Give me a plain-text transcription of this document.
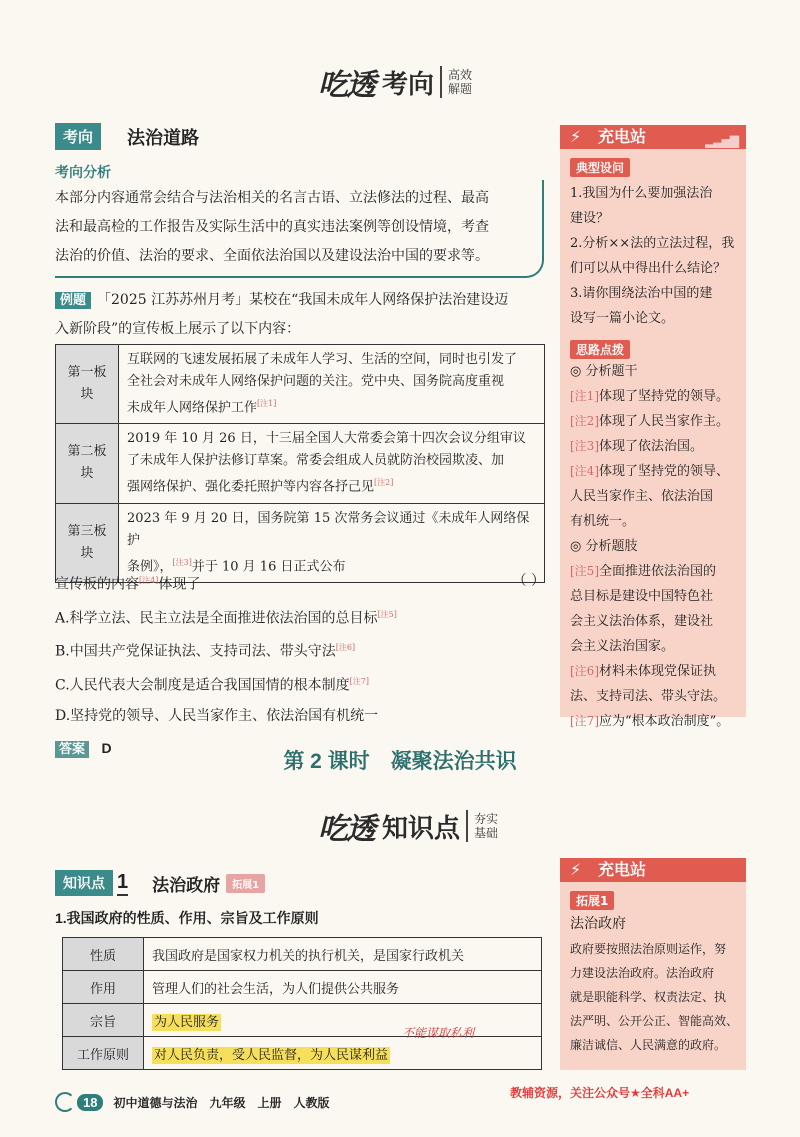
吃透 考向 高效解题
考向	法治道路
考向分析
本部分内容通常会结合与法治相关的名言古语、立法修法的过程、最高
法和最高检的工作报告及实际生活中的真实违法案例等创设情境，考查
法治的价值、法治的要求、全面依法治国以及建设法治中国的要求等。
例题 「2025 江苏苏州月考」某校在“我国未成年人网络保护法治建设迈
入新阶段”的宣传板上展示了以下内容：
第一板块	互联网的飞速发展拓展了未成年人学习、生活的空间，同时也引发了
全社会对未成年人网络保护问题的关注。党中央、国务院高度重视
未成年人网络保护工作[注1]

第二板块	2019 年 10 月 26 日，十三届全国人大常委会第十四次会议分组审议
了未成年人保护法修订草案。常委会组成人员就防治校园欺凌、加
强网络保护、强化委托照护等内容各抒己见[注2]

第三板块	2023 年 9 月 20 日，国务院第 15 次常务会议通过《未成年人网络保护
条例》，[注3]并于 10 月 16 日正式公布
宣传板的内容[注4]体现了	（ ）
A.科学立法、民主立法是全面推进依法治国的总目标[注5]
B.中国共产党保证执法、支持司法、带头守法[注6]
C.人民代表大会制度是适合我国国情的根本制度[注7]
D.坚持党的领导、人民当家作主、依法治国有机统一
答案 D
第 2 课时　凝聚法治共识
吃透 知识点 夯实基础
知识点 1 法治政府	拓展1
1.我国政府的性质、作用、宗旨及工作原则
性质	我国政府是国家权力机关的执行机关，是国家行政机关
作用	管理人们的社会生活，为人们提供公共服务
宗旨	为人民服务
工作原则	对人民负责，受人民监督，为人民谋利益
不能谋取私利
⚡ 充电站	▂▃▅▇
典型设问

1.我国为什么要加强法治

建设？

2.分析××法的立法过程，我

们可以从中得出什么结论？

3.请你围绕法治中国的建

设写一篇小论文。

思路点拨

◎ 分析题干

[注1]体现了坚持党的领导。

[注2]体现了人民当家作主。

[注3]体现了依法治国。

[注4]体现了坚持党的领导、

人民当家作主、依法治国

有机统一。

◎ 分析题肢

[注5]全面推进依法治国的

总目标是建设中国特色社

会主义法治体系，建设社

会主义法治国家。

[注6]材料未体现党保证执

法、支持司法、带头守法。

[注7]应为“根本政治制度”。

⚡ 充电站
拓展1

法治政府

政府要按照法治原则运作，努

力建设法治政府。法治政府

就是职能科学、权责法定、执

法严明、公开公正、智能高效、

廉洁诚信、人民满意的政府。

18	初中道德与法治　九年级　上册　人教版
教辅资源，关注公众号★全科AA+
